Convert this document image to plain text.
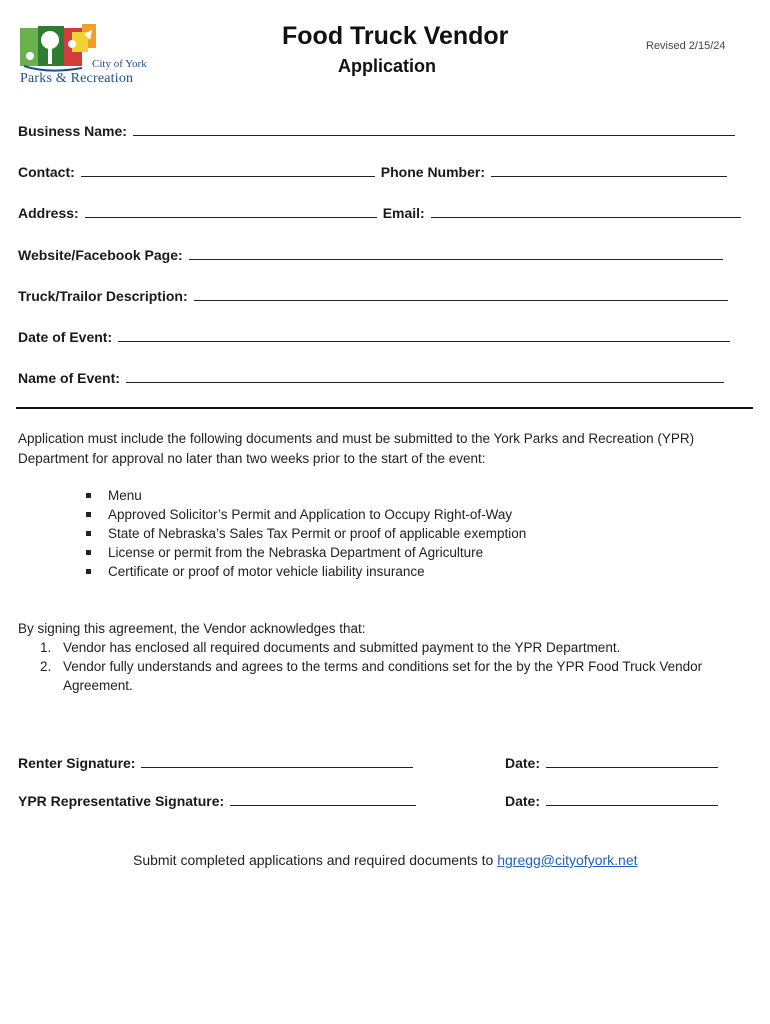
City of York
Parks & Recreation
Food Truck Vendor
Application
Revised 2/15/24
Business Name:
Contact:	Phone Number:
Address:	Email:
Website/Facebook Page:
Truck/Trailor Description:
Date of Event:
Name of Event:
Application must include the following documents and must be submitted to the York Parks and Recreation (YPR) Department for approval no later than two weeks prior to the start of the event:
Menu
Approved Solicitor’s Permit and Application to Occupy Right-of-Way
State of Nebraska’s Sales Tax Permit or proof of applicable exemption
License or permit from the Nebraska Department of Agriculture
Certificate or proof of motor vehicle liability insurance
By signing this agreement, the Vendor acknowledges that:
1. Vendor has enclosed all required documents and submitted payment to the YPR Department.
2. Vendor fully understands and agrees to the terms and conditions set for the by the YPR Food Truck Vendor Agreement.
Renter Signature:	Date:
YPR Representative Signature:	Date:
Submit completed applications and required documents to hgregg@cityofyork.net
